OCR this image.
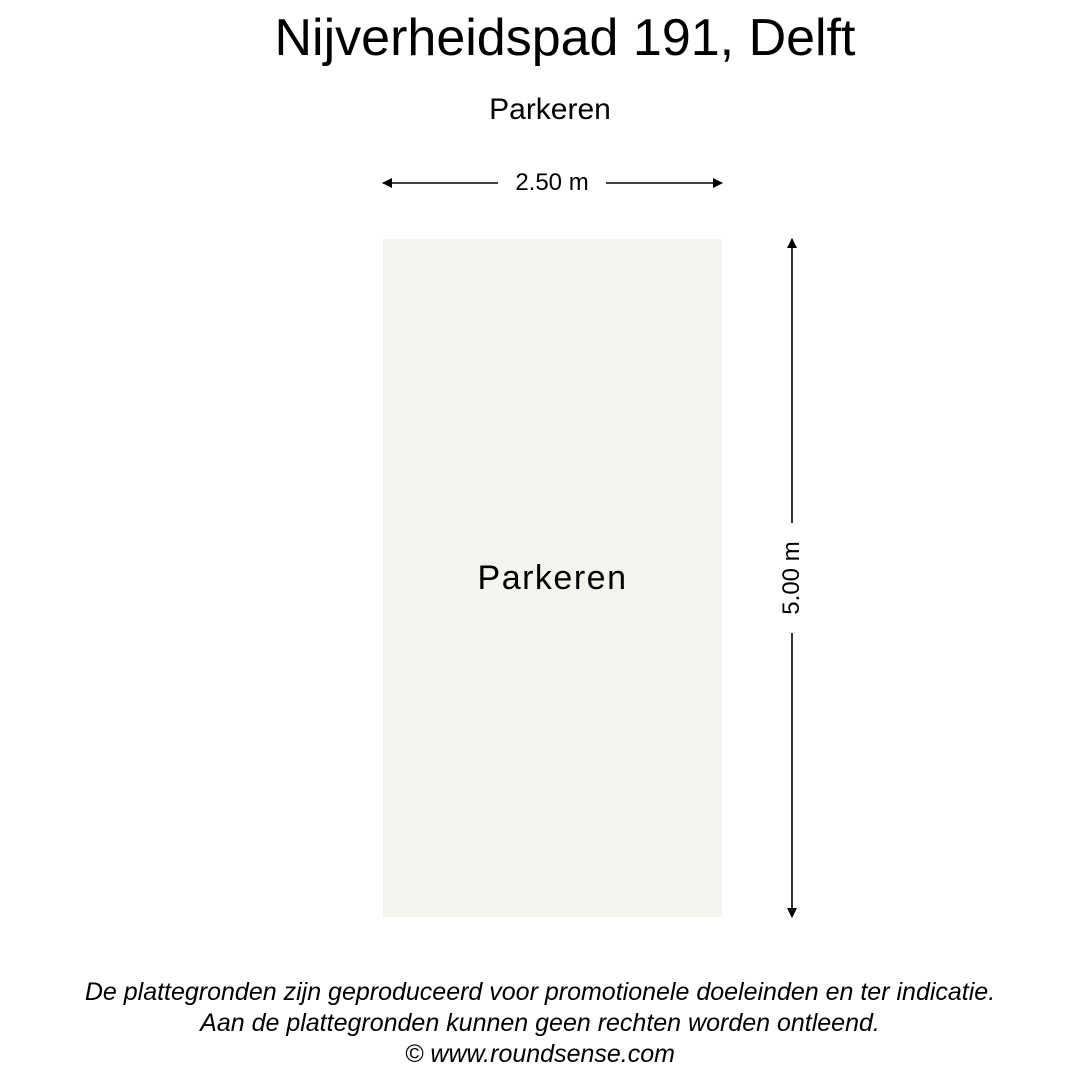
Nijverheidspad 191, Delft
Parkeren
2.50 m
5.00 m
Parkeren
De plattegronden zijn geproduceerd voor promotionele doeleinden en ter indicatie.
Aan de plattegronden kunnen geen rechten worden ontleend.
© www.roundsense.com
